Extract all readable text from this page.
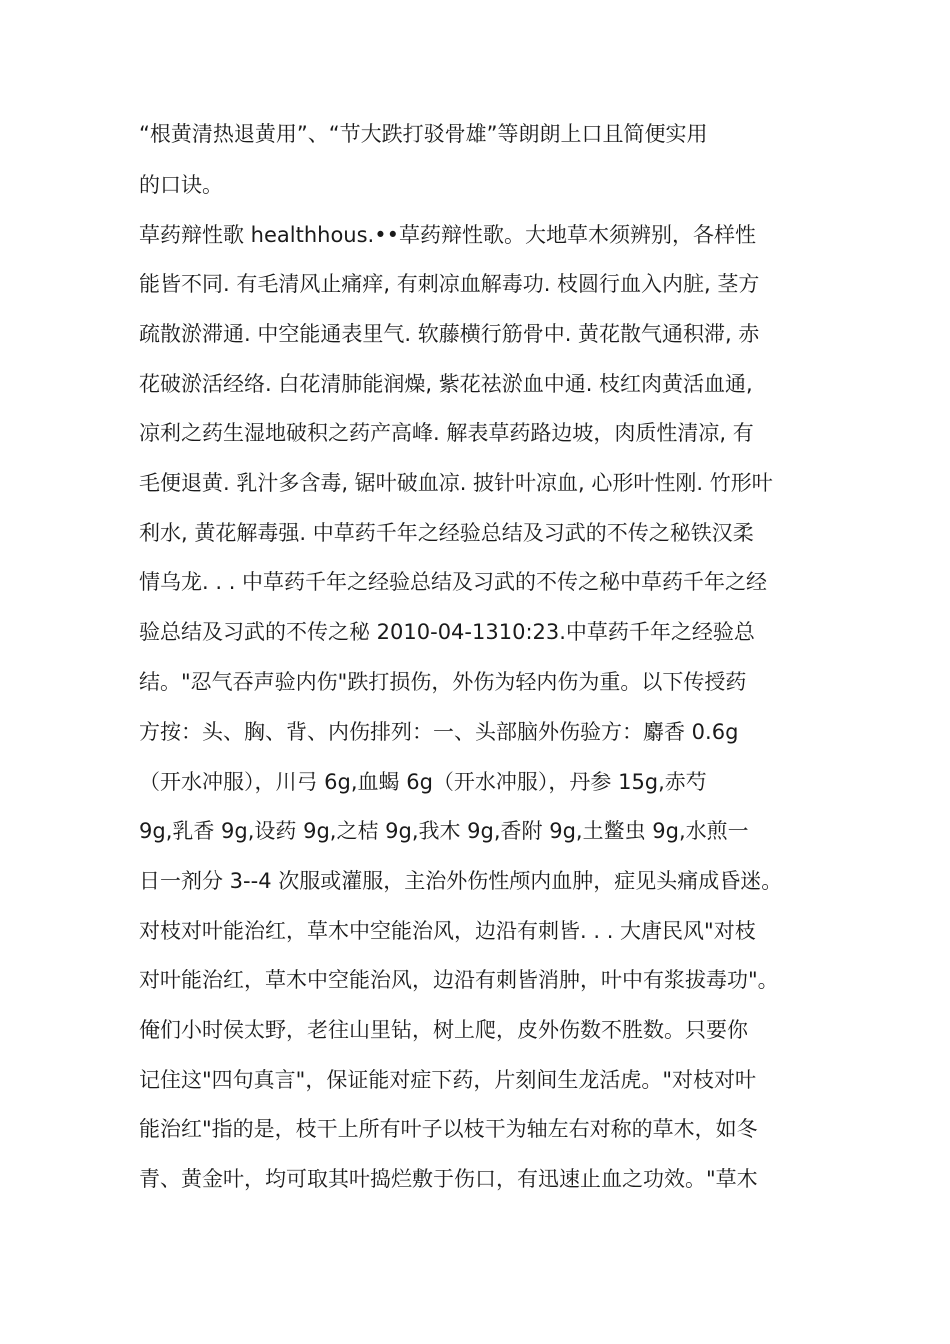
“根黄清热退黄用”、“节大跌打驳骨雄”等朗朗上口且简便实用
的口诀。
草药辩性歌 healthhous.••草药辩性歌。大地草木须辨别，各样性
能皆不同. 有毛清风止痛痒, 有刺凉血解毒功. 枝圆行血入内脏, 茎方
疏散淤滞通. 中空能通表里气. 软藤横行筋骨中. 黄花散气通积滞, 赤
花破淤活经络. 白花清肺能润燥, 紫花祛淤血中通. 枝红肉黄活血通,
凉利之药生湿地破积之药产高峰. 解表草药路边坡，肉质性清凉, 有
毛便退黄. 乳汁多含毒, 锯叶破血凉. 披针叶凉血, 心形叶性刚. 竹形叶
利水, 黄花解毒强. 中草药千年之经验总结及习武的不传之秘铁汉柔
情乌龙. . . 中草药千年之经验总结及习武的不传之秘中草药千年之经
验总结及习武的不传之秘 2010-04-1310:23.中草药千年之经验总
结。"忍气吞声验内伤"跌打损伤，外伤为轻内伤为重。以下传授药
方按：头、胸、背、内伤排列：一、头部脑外伤验方：麝香 0.6g
（开水冲服），川弓 6g,血蝎 6g（开水冲服），丹参 15g,赤芍
9g,乳香 9g,设药 9g,之桔 9g,我木 9g,香附 9g,土鳖虫 9g,水煎一
日一剂分 3--4 次服或灌服，主治外伤性颅内血肿，症见头痛成昏迷。
对枝对叶能治红，草木中空能治风，边沿有刺皆. . . 大唐民风"对枝
对叶能治红，草木中空能治风，边沿有刺皆消肿，叶中有浆拔毒功"。
俺们小时侯太野，老往山里钻，树上爬，皮外伤数不胜数。只要你
记住这"四句真言"，保证能对症下药，片刻间生龙活虎。"对枝对叶
能治红"指的是，枝干上所有叶子以枝干为轴左右对称的草木，如冬
青、黄金叶，均可取其叶捣烂敷于伤口，有迅速止血之功效。"草木
